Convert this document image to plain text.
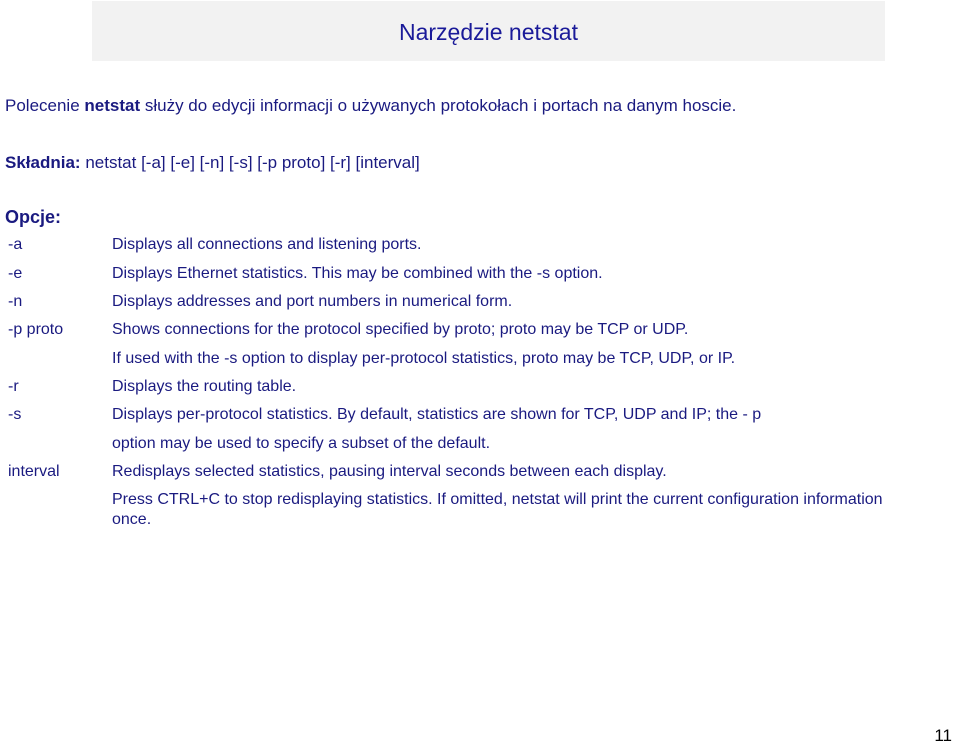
Narzędzie netstat
Polecenie netstat służy do edycji informacji o używanych protokołach i portach na danym hoscie.
Składnia: netstat [-a] [-e] [-n] [-s] [-p proto] [-r] [interval]
Opcje:
-a	Displays all connections and listening ports.
-e	Displays Ethernet statistics. This may be combined with the -s option.
-n	Displays addresses and port numbers in numerical form.
-p proto	Shows connections for the protocol specified by proto; proto may be TCP or UDP.
If used with the -s option to display per-protocol statistics, proto may be TCP, UDP, or IP.
-r	Displays the routing table.
-s	Displays per-protocol statistics. By default, statistics are shown for TCP, UDP and IP; the - p
option may be used to specify a subset of the default.
interval	Redisplays selected statistics, pausing interval seconds between each display.
Press CTRL+C to stop redisplaying statistics. If omitted, netstat will print the current configuration information once.
11
